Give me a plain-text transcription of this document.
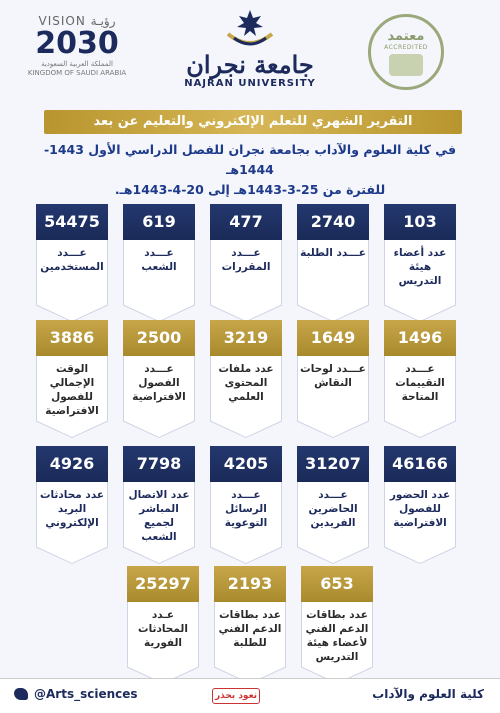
VISION رؤيـة
2030
المملكة العربية السعودية
KINGDOM OF SAUDI ARABIA	جامعة نجران
NAJRAN UNIVERSITY
معتمد
ACCREDITED
التقرير الشهري للتعلم الإلكتروني والتعليم عن بعد
في كلية العلوم والآداب بجامعة نجران للفصل الدراسي الأول 1443-1444هـ
للفترة من 25-3-1443هـ إلى 20-4-1443هـ.
54475
عـــدد المستخدمين
619
عـــدد الشعب
477
عـــدد المقررات
2740
عـــدد الطلبة
103
عدد أعضاء هيئة التدريس
3886
الوقت الإجمالي للفصول الافتراضية
2500
عـــدد الفصول الافتراضية
3219
عدد ملفات المحتوى العلمي
1649
عـــدد لوحات النقاش
1496
عـــدد التقييمات المتاحة
4926
عدد محادثات البريد الإلكتروني
7798
عدد الاتصال المباشر لجميع الشعب
4205
عـــدد الرسائل التوعوية
31207
عـــدد الحاضرين الفريدين
46166
عدد الحضور للفصول الافتراضية
25297
عـدد المحادثات الفورية
2193
عدد بطاقات الدعم الفني للطلبة
653
عدد بطاقات الدعم الفني لأعضاء هيئة التدريس
@Arts_sciences	نعود بحذر	كلية العلوم والآداب
